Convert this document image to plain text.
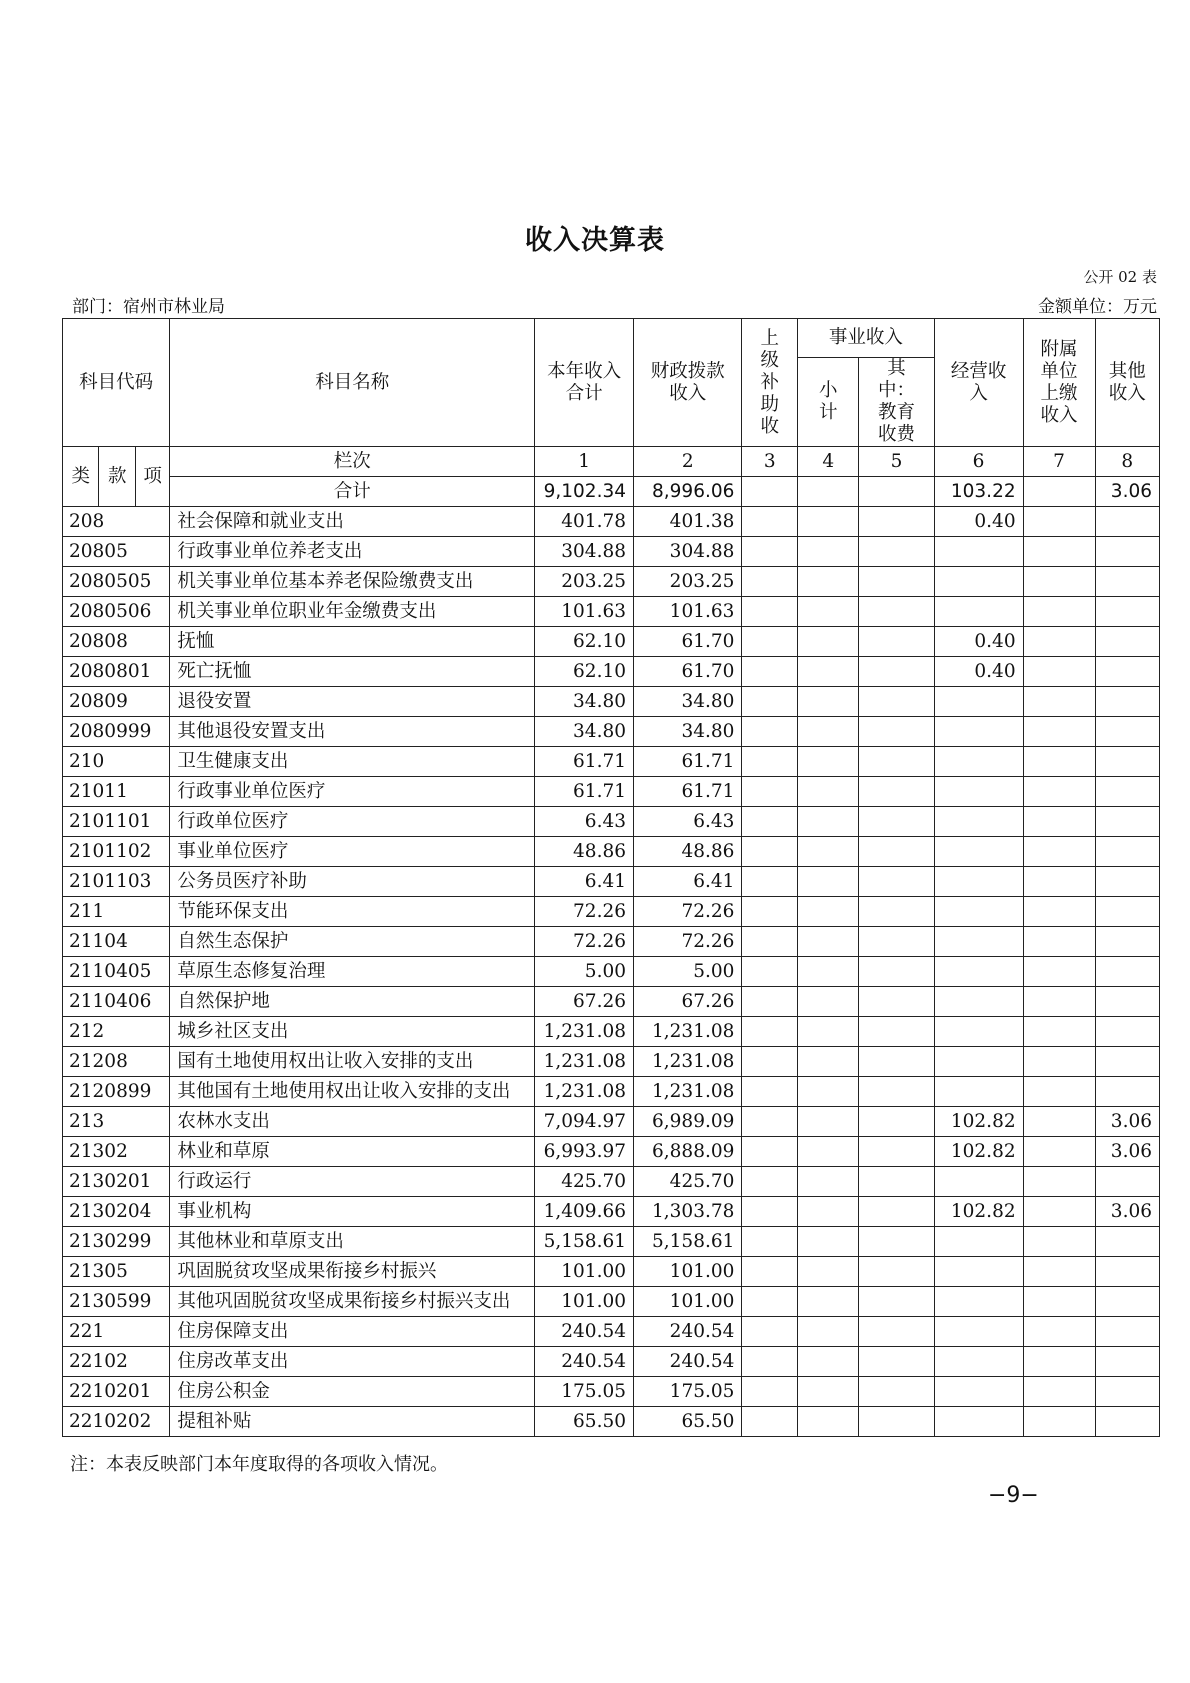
收入决算表
公开 02 表
部门：宿州市林业局	金额单位：万元
科目代码			科目名称	本年收入合计	财政拨款收入	上级补助收	事业收入		经营收入	附属单位上缴收入	其他收入
							小计	其中：教育收费			
类	款	项	栏次	1	2	3	4	5	6	7	8
			合计	9,102.34	8,996.06				103.22		3.06
208			社会保障和就业支出	401.78	401.38				0.40		
20805			行政事业单位养老支出	304.88	304.88						
2080505			机关事业单位基本养老保险缴费支出	203.25	203.25						
2080506			机关事业单位职业年金缴费支出	101.63	101.63						
20808			抚恤	62.10	61.70				0.40		
2080801			死亡抚恤	62.10	61.70				0.40		
20809			退役安置	34.80	34.80						
2080999			其他退役安置支出	34.80	34.80						
210			卫生健康支出	61.71	61.71						
21011			行政事业单位医疗	61.71	61.71						
2101101			行政单位医疗	6.43	6.43						
2101102			事业单位医疗	48.86	48.86						
2101103			公务员医疗补助	6.41	6.41						
211			节能环保支出	72.26	72.26						
21104			自然生态保护	72.26	72.26						
2110405			草原生态修复治理	5.00	5.00						
2110406			自然保护地	67.26	67.26						
212			城乡社区支出	1,231.08	1,231.08						
21208			国有土地使用权出让收入安排的支出	1,231.08	1,231.08						
2120899			其他国有土地使用权出让收入安排的支出	1,231.08	1,231.08						
213			农林水支出	7,094.97	6,989.09				102.82		3.06
21302			林业和草原	6,993.97	6,888.09				102.82		3.06
2130201			行政运行	425.70	425.70						
2130204			事业机构	1,409.66	1,303.78				102.82		3.06
2130299			其他林业和草原支出	5,158.61	5,158.61						
21305			巩固脱贫攻坚成果衔接乡村振兴	101.00	101.00						
2130599			其他巩固脱贫攻坚成果衔接乡村振兴支出	101.00	101.00						
221			住房保障支出	240.54	240.54						
22102			住房改革支出	240.54	240.54						
2210201			住房公积金	175.05	175.05						
2210202			提租补贴	65.50	65.50						
注：本表反映部门本年度取得的各项收入情况。
−9−
